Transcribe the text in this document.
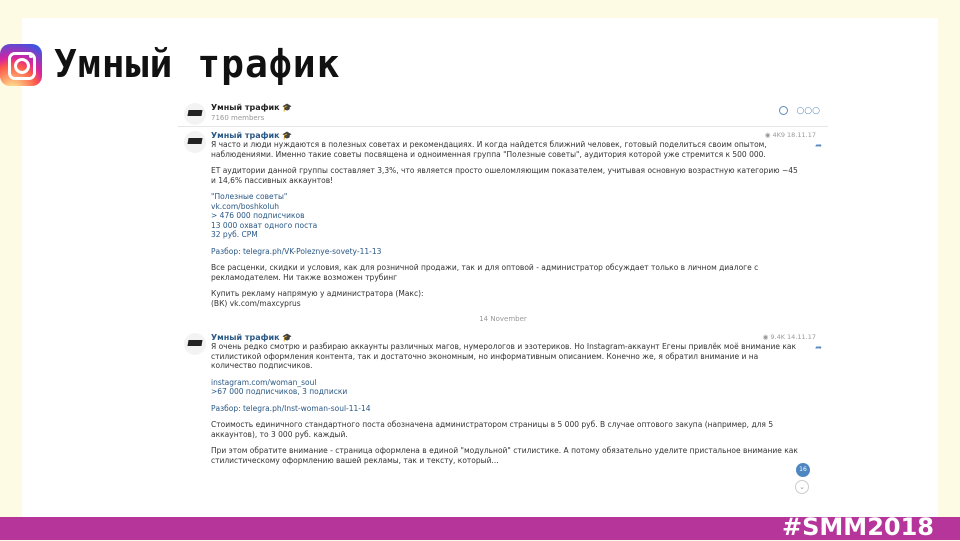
Умный трафик
Умный трафик 🎓
7160 members
○○○
Умный трафик 🎓	◉ 4K9 18.11.17
➦

Я часто и люди нуждаются в полезных советах и рекомендациях. И когда найдется ближний человек, готовый поделиться своим опытом, наблюдениями. Именно такие советы посвящена и одноименная группа "Полезные советы", аудитория которой уже стремится к 500 000.

ЕТ аудитории данной группы составляет 3,3%, что является просто ошеломляющим показателем, учитывая основную возрастную категорию ~45 и 14,6% пассивных аккаунтов!

"Полезные советы"
vk.com/boshkoluh
> 476 000 подписчиков
13 000 охват одного поста
32 руб. CPM

Разбор: telegra.ph/VK-Poleznye-sovety-11-13

Все расценки, скидки и условия, как для розничной продажи, так и для оптовой - администратор обсуждает только в личном диалоге с рекламодателем. Ни также возможен трубинг

Купить рекламу напрямую у администратора (Макс):
(ВК) vk.com/maxcyprus

14 November
Умный трафик 🎓	◉ 9.4K 14.11.17
➦

Я очень редко смотрю и разбираю аккаунты различных магов, нумерологов и эзотериков. Но Instagram-аккаунт Егены привлёк моё внимание как стилистикой оформления контента, так и достаточно экономным, но информативным описанием. Конечно же, я обратил внимание и на количество подписчиков.

instagram.com/woman_soul
>67 000 подписчиков, 3 подписки

Разбор: telegra.ph/Inst-woman-soul-11-14

Стоимость единичного стандартного поста обозначена администратором страницы в 5 000 руб. В случае оптового закупа (например, для 5 аккаунтов), то 3 000 руб. каждый.

При этом обратите внимание - страница оформлена в единой "модульной" стилистике. А потому обязательно уделите пристальное внимание как стилистическому оформлению вашей рекламы, так и тексту, который...

16
⌄
#SMM2018
